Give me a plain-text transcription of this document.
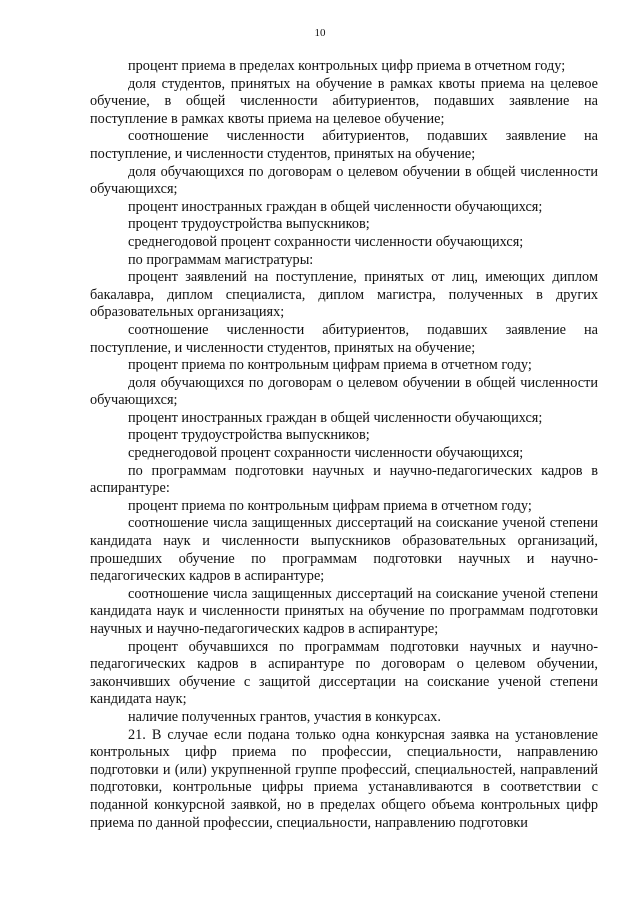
10

процент приема в пределах контрольных цифр приема в отчетном году;

доля студентов, принятых на обучение в рамках квоты приема на целевое обучение, в общей численности абитуриентов, подавших заявление на поступление в рамках квоты приема на целевое обучение;

соотношение численности абитуриентов, подавших заявление на поступление, и численности студентов, принятых на обучение;

доля обучающихся по договорам о целевом обучении в общей численности обучающихся;

процент иностранных граждан в общей численности обучающихся;

процент трудоустройства выпускников;

среднегодовой процент сохранности численности обучающихся;

по программам магистратуры:

процент заявлений на поступление, принятых от лиц, имеющих диплом бакалавра, диплом специалиста, диплом магистра, полученных в других образовательных организациях;

соотношение численности абитуриентов, подавших заявление на поступление, и численности студентов, принятых на обучение;

процент приема по контрольным цифрам приема в отчетном году;

доля обучающихся по договорам о целевом обучении в общей численности обучающихся;

процент иностранных граждан в общей численности обучающихся;

процент трудоустройства выпускников;

среднегодовой процент сохранности численности обучающихся;

по программам подготовки научных и научно-педагогических кадров в аспирантуре:

процент приема по контрольным цифрам приема в отчетном году;

соотношение числа защищенных диссертаций на соискание ученой степени кандидата наук и численности выпускников образовательных организаций, прошедших обучение по программам подготовки научных и научно-педагогических кадров в аспирантуре;

соотношение числа защищенных диссертаций на соискание ученой степени кандидата наук и численности принятых на обучение по программам подготовки научных и научно-педагогических кадров в аспирантуре;

процент обучавшихся по программам подготовки научных и научно-педагогических кадров в аспирантуре по договорам о целевом обучении, закончивших обучение с защитой диссертации на соискание ученой степени кандидата наук;

наличие полученных грантов, участия в конкурсах.

21. В случае если подана только одна конкурсная заявка на установление контрольных цифр приема по профессии, специальности, направлению подготовки и (или) укрупненной группе профессий, специальностей, направлений подготовки, контрольные цифры приема устанавливаются в соответствии с поданной конкурсной заявкой, но в пределах общего объема контрольных цифр приема по данной профессии, специальности, направлению подготовки
